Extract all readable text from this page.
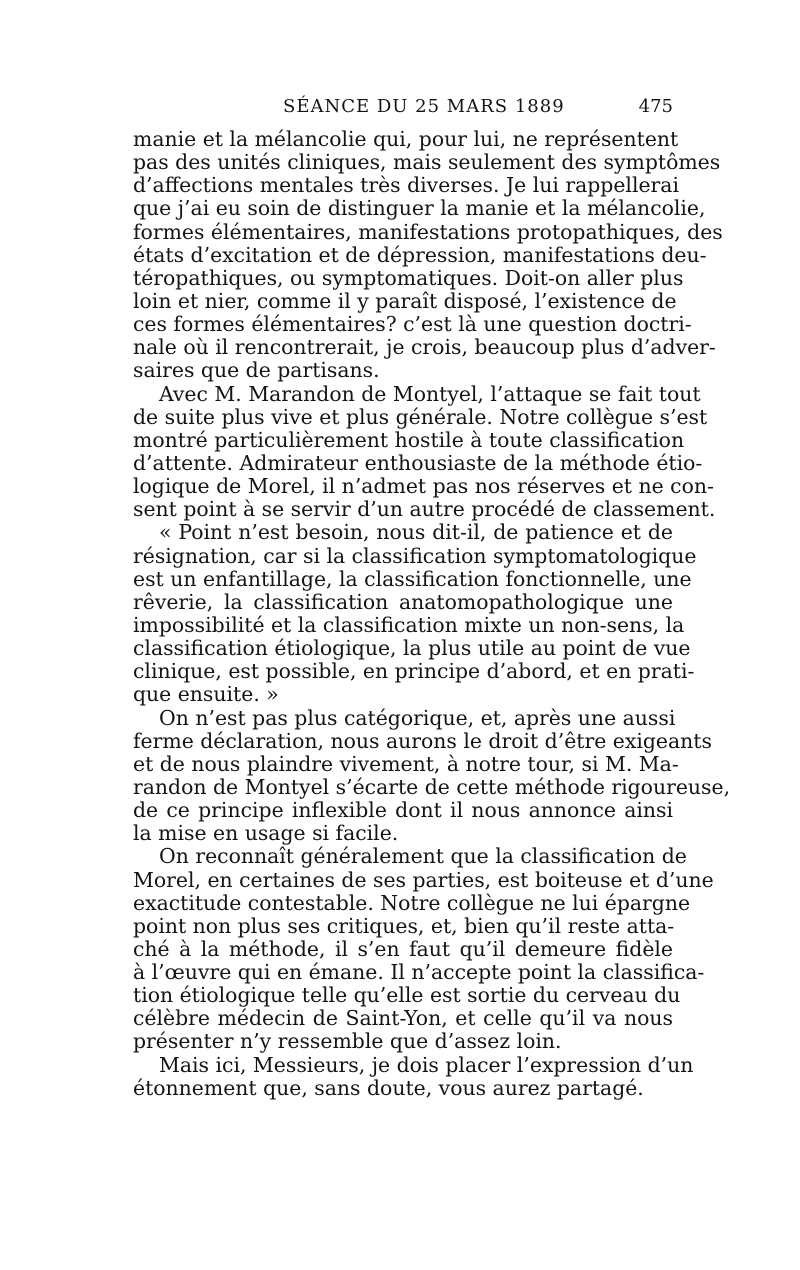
SÉANCE DU 25 MARS 1889	475
manie et la mélancolie qui, pour lui, ne représentent
pas des unités cliniques, mais seulement des symptômes
d’affections mentales très diverses. Je lui rappellerai
que j’ai eu soin de distinguer la manie et la mélancolie,
formes élémentaires, manifestations protopathiques, des
états d’excitation et de dépression, manifestations deu-
téropathiques, ou symptomatiques. Doit-on aller plus
loin et nier, comme il y paraît disposé, l’existence de
ces formes élémentaires? c’est là une question doctri-
nale où il rencontrerait, je crois, beaucoup plus d’adver-
saires que de partisans.
Avec M. Marandon de Montyel, l’attaque se fait tout
de suite plus vive et plus générale. Notre collègue s’est
montré particulièrement hostile à toute classification
d’attente. Admirateur enthousiaste de la méthode étio-
logique de Morel, il n’admet pas nos réserves et ne con-
sent point à se servir d’un autre procédé de classement.
« Point n’est besoin, nous dit-il, de patience et de
résignation, car si la classification symptomatologique
est un enfantillage, la classification fonctionnelle, une
rêverie, la classification anatomopathologique une
impossibilité et la classification mixte un non-sens, la
classification étiologique, la plus utile au point de vue
clinique, est possible, en principe d’abord, et en prati-
que ensuite. »
On n’est pas plus catégorique, et, après une aussi
ferme déclaration, nous aurons le droit d’être exigeants
et de nous plaindre vivement, à notre tour, si M. Ma-
randon de Montyel s’écarte de cette méthode rigoureuse,
de ce principe inflexible dont il nous annonce ainsi
la mise en usage si facile.
On reconnaît généralement que la classification de
Morel, en certaines de ses parties, est boiteuse et d’une
exactitude contestable. Notre collègue ne lui épargne
point non plus ses critiques, et, bien qu’il reste atta-
ché à la méthode, il s’en faut qu’il demeure fidèle
à l’œuvre qui en émane. Il n’accepte point la classifica-
tion étiologique telle qu’elle est sortie du cerveau du
célèbre médecin de Saint-Yon, et celle qu’il va nous
présenter n’y ressemble que d’assez loin.
Mais ici, Messieurs, je dois placer l’expression d’un
étonnement que, sans doute, vous aurez partagé.
